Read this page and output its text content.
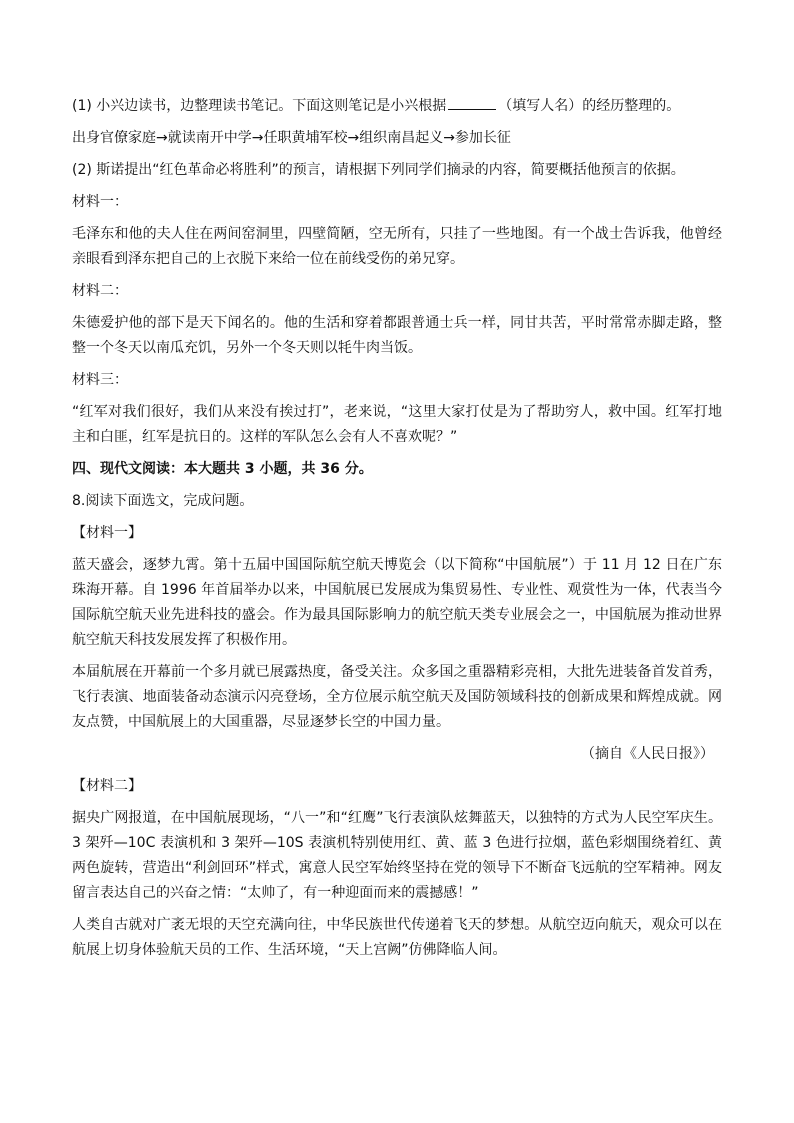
(1) 小兴边读书，边整理读书笔记。下面这则笔记是小兴根据	（填写人名）的经历整理的。

出身官僚家庭→就读南开中学→任职黄埔军校→组织南昌起义→参加长征

(2) 斯诺提出“红色革命必将胜利”的预言，请根据下列同学们摘录的内容，简要概括他预言的依据。

材料一：

毛泽东和他的夫人住在两间窑洞里，四壁简陋，空无所有，只挂了一些地图。有一个战士告诉我，他曾经亲眼看到泽东把自己的上衣脱下来给一位在前线受伤的弟兄穿。

材料二：

朱德爱护他的部下是天下闻名的。他的生活和穿着都跟普通士兵一样，同甘共苦，平时常常赤脚走路，整整一个冬天以南瓜充饥，另外一个冬天则以牦牛肉当饭。

材料三：

“红军对我们很好，我们从来没有挨过打”，老来说，“这里大家打仗是为了帮助穷人，救中国。红军打地主和白匪，红军是抗日的。这样的军队怎么会有人不喜欢呢？”

四、现代文阅读：本大题共 3 小题，共 36 分。

8.阅读下面选文，完成问题。

【材料一】

蓝天盛会，逐梦九霄。第十五届中国国际航空航天博览会（以下简称“中国航展”）于 11 月 12 日在广东珠海开幕。自 1996 年首届举办以来，中国航展已发展成为集贸易性、专业性、观赏性为一体，代表当今国际航空航天业先进科技的盛会。作为最具国际影响力的航空航天类专业展会之一，中国航展为推动世界航空航天科技发展发挥了积极作用。

本届航展在开幕前一个多月就已展露热度，备受关注。众多国之重器精彩亮相，大批先进装备首发首秀，飞行表演、地面装备动态演示闪亮登场，全方位展示航空航天及国防领域科技的创新成果和辉煌成就。网友点赞，中国航展上的大国重器，尽显逐梦长空的中国力量。

（摘自《人民日报》）

【材料二】

据央广网报道，在中国航展现场，“八一”和“红鹰”飞行表演队炫舞蓝天，以独特的方式为人民空军庆生。 3 架歼—10C 表演机和 3 架歼—10S 表演机特别使用红、黄、蓝 3 色进行拉烟，蓝色彩烟围绕着红、黄两色旋转，营造出“利剑回环”样式，寓意人民空军始终坚持在党的领导下不断奋飞远航的空军精神。网友留言表达自己的兴奋之情：“太帅了，有一种迎面而来的震撼感！”

人类自古就对广袤无垠的天空充满向往，中华民族世代传递着飞天的梦想。从航空迈向航天，观众可以在航展上切身体验航天员的工作、生活环境，“天上宫阙”仿佛降临人间。
